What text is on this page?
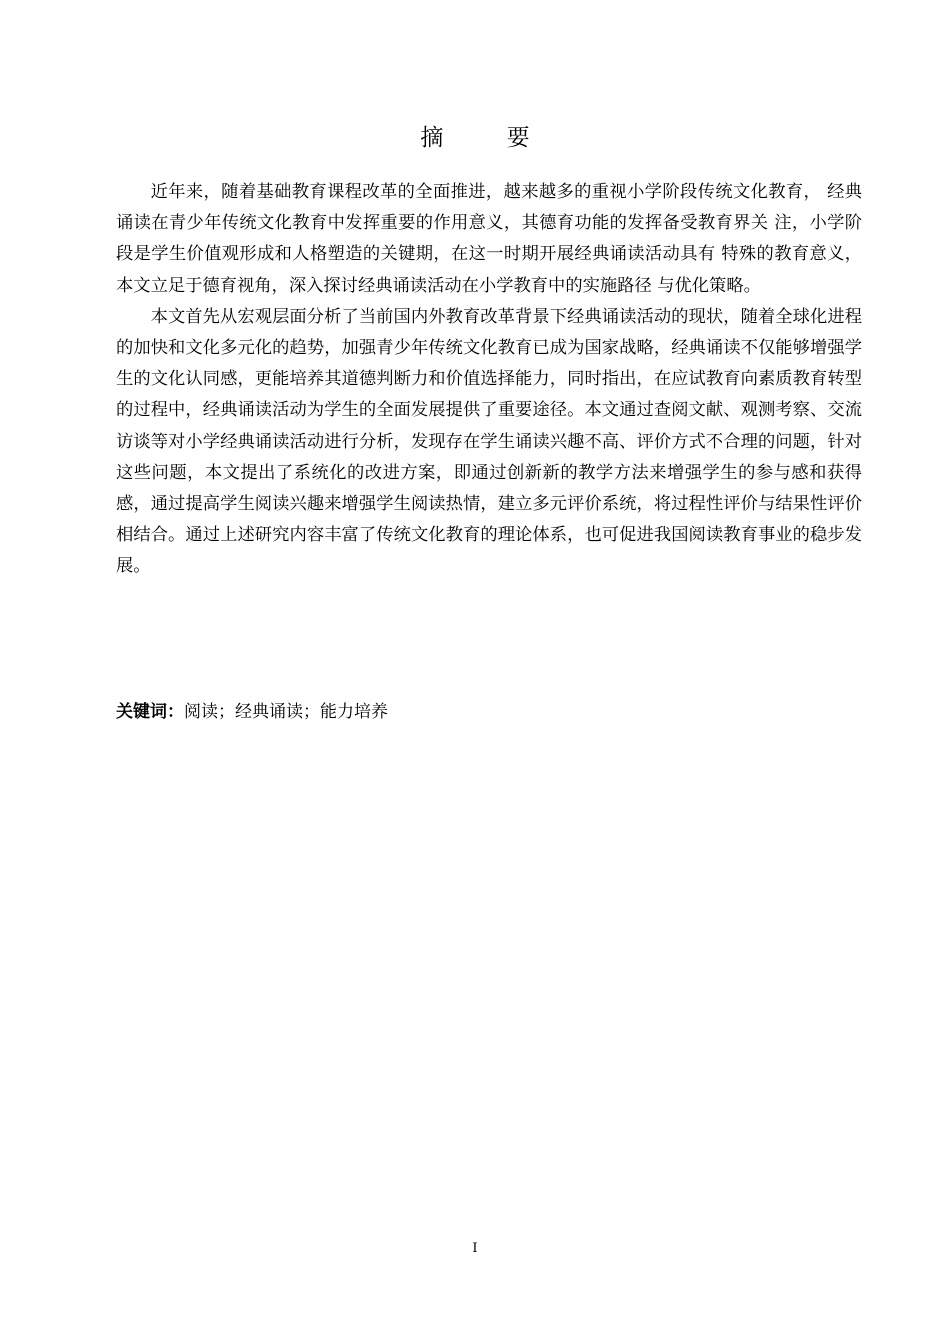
摘 要

近年来，随着基础教育课程改革的全面推进，越来越多的重视小学阶段传统文化教育， 经典诵读在青少年传统文化教育中发挥重要的作用意义，其德育功能的发挥备受教育界关 注，小学阶段是学生价值观形成和人格塑造的关键期，在这一时期开展经典诵读活动具有 特殊的教育意义，本文立足于德育视角，深入探讨经典诵读活动在小学教育中的实施路径 与优化策略。

本文首先从宏观层面分析了当前国内外教育改革背景下经典诵读活动的现状，随着全球化进程的加快和文化多元化的趋势，加强青少年传统文化教育已成为国家战略，经典诵读不仅能够增强学生的文化认同感，更能培养其道德判断力和价值选择能力，同时指出，在应试教育向素质教育转型的过程中，经典诵读活动为学生的全面发展提供了重要途径。本文通过查阅文献、观测考察、交流访谈等对小学经典诵读活动进行分析，发现存在学生诵读兴趣不高、评价方式不合理的问题，针对这些问题，本文提出了系统化的改进方案，即通过创新新的教学方法来增强学生的参与感和获得感，通过提高学生阅读兴趣来增强学生阅读热情，建立多元评价系统，将过程性评价与结果性评价相结合。通过上述研究内容丰富了传统文化教育的理论体系，也可促进我国阅读教育事业的稳步发展。

关键词：阅读；经典诵读；能力培养

I
